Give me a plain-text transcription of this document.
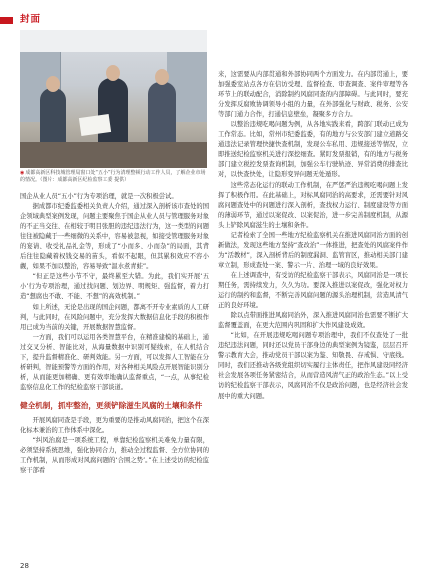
封面
◉成都高新区科技城管理局窗口处“五小”行为清理整顿行动工作人员，了解企业市场的情况。（图片：成都高新区纪检监察工委 提供）

国企从业人员“五小”行为专项治理，就是一次积极尝试。

据成都市纪委监委相关负责人介绍，通过深入剖析该市查处的国企领域典型案例发现，问题主要聚焦于国企从业人员与管理服务对象的不正当交往、在相较于明目张胆的违纪违法行为，这一类型的问题往往被隐藏于一些细微的关系中，容易被忽视，如接受管理服务对象的宴请、收受礼品礼金等，形成了“小而多、小而杂”的局面，其背后往往隐藏着权钱交易的苗头，看似不起眼，但其累积效应不容小觑，如果不加以整治，容易导致“温水煮青蛙”。

“但正是这些小节不守，最终累至大错。为此，我们实开展‘五小’行为专项治理，通过找问题、划边界、明规矩、强监督，着力打造“想腐也不敢、不能、不想”的高效机制。”

如上所述，无论是出现的国企问题，都离不开专业素质的人工研判，与此同时，在风险问题中，充分发挥大数据信息化手段的积极作用已成为当前的关键，开展数据智慧监督。

一方面，我们可以运用各类智慧平台，在精准建模的基础上，通过交叉分析、智能比对，从海量数据中识别可疑线索，在人机结合下，提升监督精准化、研判效能。另一方面，可以发挥人工智能在分析研判，智能预警等方面的作用，对各种相关风险点开展智能识别分析，从而能更加精确、更有效率地确认监督重点，“一点，从事纪检监察信息化工作的纪检监察干部谈道。

健全机制，抓牢整治，更须铲除滋生风腐的土壤和条件

开展风腐同查是手段，更为重要的是推动风腐同治，把这个在深化标本兼治的工作体系中深化。

“纠风治腐是一项系统工程，单靠纪检监察机关难免力量有限，必须坚持系统思维，强化协同合力，推动全过程监督、全方位协同的工作机制，从而形成对风腐问题的‘合围之势’。”在上述受访的纪检监察干部看

来，这需要从内部贯通和外部协同两个方面发力。在内部贯通上，要加强委室站点各方在信访受理、监督检查、审查调查、案件审理等各环节上的联动配合，消除制约风腐同查的内部障碍。与此同时，要充分发挥反腐败协调领导小组的力量，在外部强化与财政、税务、公安等部门通力合作，打通信息壁垒，凝聚多方合力。

以整治违规吃喝问题为例，从各地实践来看，跨部门联动已成为工作常态。比如，常州市纪委监委，有的地方与公安部门建立道路交通违法记录管理快捷快查机制，发现公车私用、违规接送等情况，立即推送纪检监察机关进行深挖细查。紧盯发票报销，有的地方与税务部门建立税控发票查询机制，加强公车行驶轨迹、异常消费的排查比对，以快查快处，让隐形变异问题无处遁形。

这些常态化运行的联动工作机制，在严惩严治违规吃喝问题上发挥了积极作用。在此基础上，对标风腐同治的高要求，还需要针对风腐问题查处中的问题进行深入剖析，查找权力运行、制度建设等方面的薄弱环节，通过以案促改、以案促治，进一步完善制度机制，从源头上铲除风腐滋生的土壤和条件。

记者检索了全国一些地方纪检监察机关在推进风腐同治方面的创新做法，发现这些地方坚持“查改治”一体推进，把查处的风腐案件作为“活教材”，深入剖析背后的制度漏洞、监管盲区，推动相关部门建章立制，形成查处一案、警示一片、治理一域的良好效果。

在上述调查中，有受访的纪检监察干部表示，风腐同治是一项长期任务，需持续发力，久久为功。要深入推进以案促改，强化对权力运行的制约和监督，不断完善风腐问题的源头治理机制，营造风清气正的良好环境。

除以点带面推进风腐同治外，深入推进风腐同治也需要不断扩大监督覆盖面，在更大范围内巩固和扩大作风建设成效。

“比如，在开展违规吃喝问题专项治理中，我们不仅查处了一批违纪违法问题，同时还以党员干部身边的典型案例为镜鉴，层层召开警示教育大会，推动党员干部以案为鉴、知敬畏、存戒惧、守底线。同时，我们还推动各级党组织切实履行主体责任，把作风建设同经济社会发展各项任务紧密结合，从而营造风清气正的政治生态。”以上受访的纪检监察干部表示，风腐同治不仅是政治问题，也是经济社会发展中的重大问题。

28
